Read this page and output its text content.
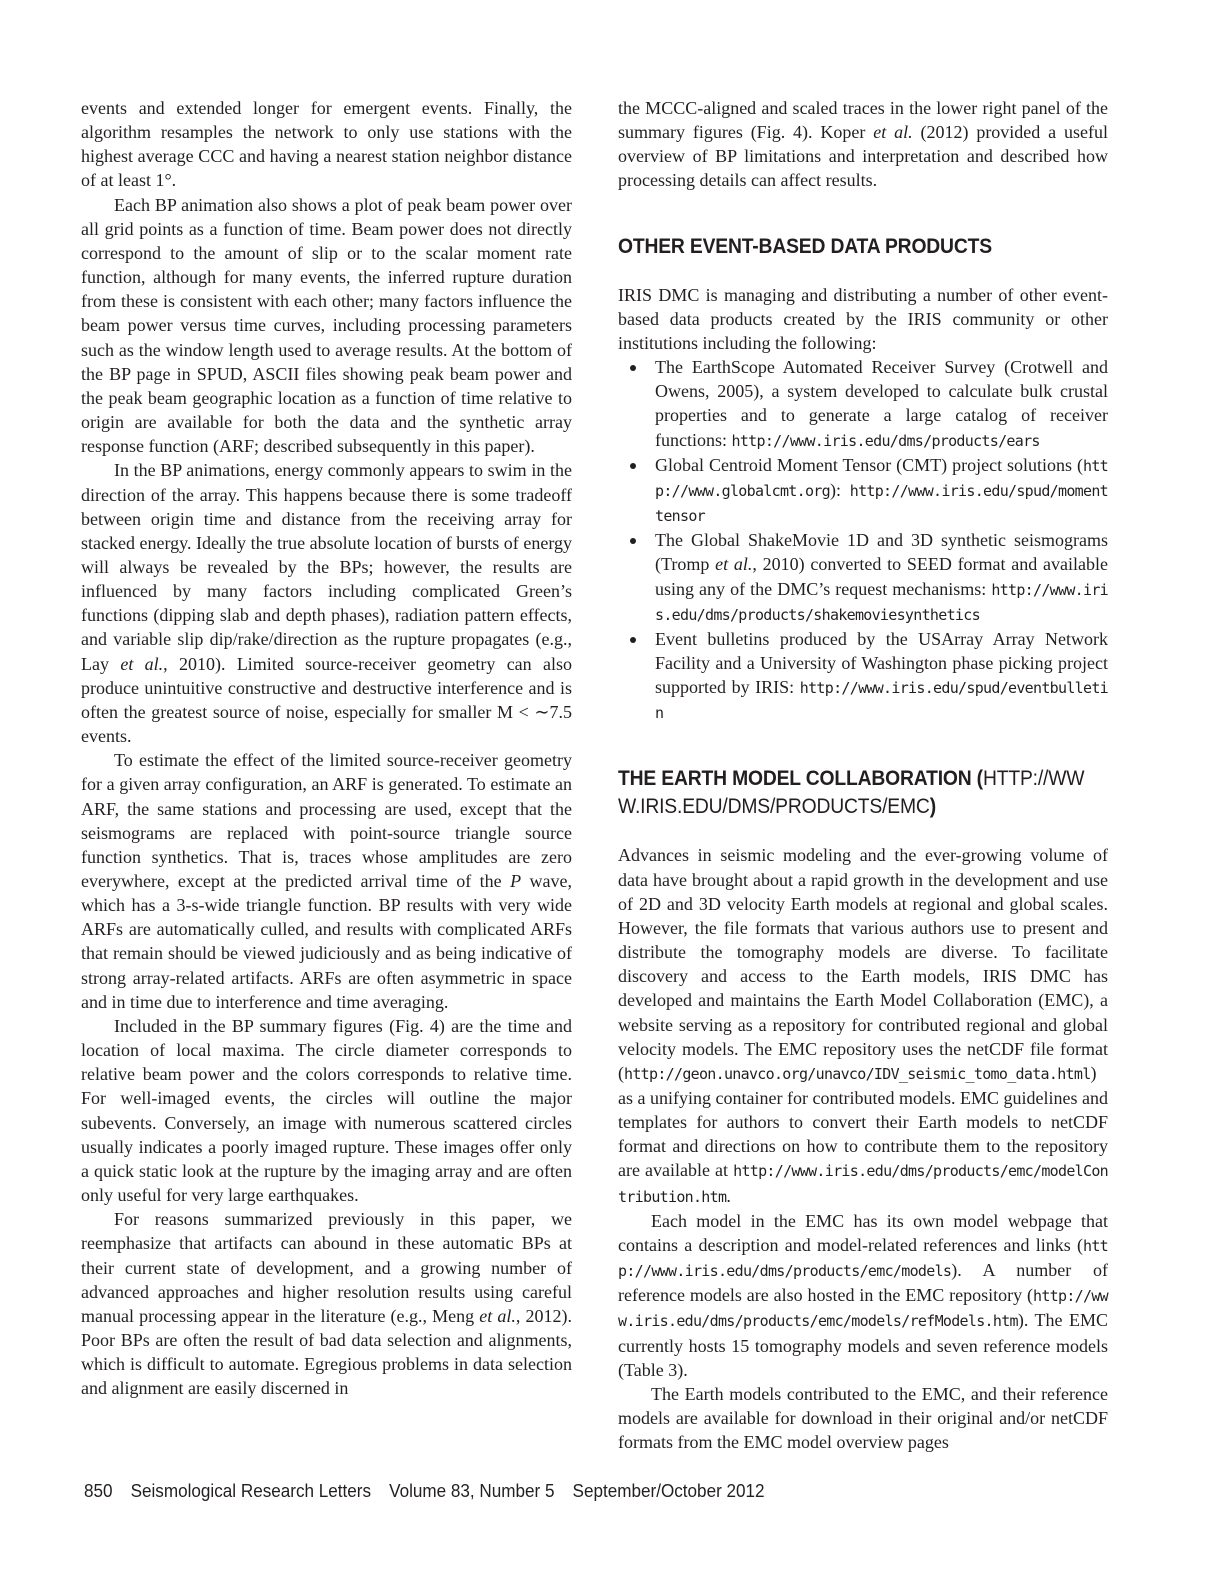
events and extended longer for emergent events. Finally, the algorithm resamples the network to only use stations with the highest average CCC and having a nearest station neighbor distance of at least 1°.

Each BP animation also shows a plot of peak beam power over all grid points as a function of time. Beam power does not directly correspond to the amount of slip or to the scalar moment rate function, although for many events, the inferred rupture duration from these is consistent with each other; many factors influence the beam power versus time curves, including processing parameters such as the window length used to average results. At the bottom of the BP page in SPUD, ASCII files showing peak beam power and the peak beam geographic location as a function of time relative to origin are available for both the data and the synthetic array response function (ARF; described subsequently in this paper).

In the BP animations, energy commonly appears to swim in the direction of the array. This happens because there is some tradeoff between origin time and distance from the receiving array for stacked energy. Ideally the true absolute location of bursts of energy will always be revealed by the BPs; however, the results are influenced by many factors including complicated Green’s functions (dipping slab and depth phases), radiation pattern effects, and variable slip dip/rake/direction as the rupture propagates (e.g., Lay et al., 2010). Limited source-receiver geometry can also produce unintuitive constructive and destructive interference and is often the greatest source of noise, especially for smaller M < ∼7.5 events.

To estimate the effect of the limited source-receiver geometry for a given array configuration, an ARF is generated. To estimate an ARF, the same stations and processing are used, except that the seismograms are replaced with point-source triangle source function synthetics. That is, traces whose amplitudes are zero everywhere, except at the predicted arrival time of the P wave, which has a 3-s-wide triangle function. BP results with very wide ARFs are automatically culled, and results with complicated ARFs that remain should be viewed judiciously and as being indicative of strong array-related artifacts. ARFs are often asymmetric in space and in time due to interference and time averaging.

Included in the BP summary figures (Fig. 4) are the time and location of local maxima. The circle diameter corresponds to relative beam power and the colors corresponds to relative time. For well-imaged events, the circles will outline the major subevents. Conversely, an image with numerous scattered circles usually indicates a poorly imaged rupture. These images offer only a quick static look at the rupture by the imaging array and are often only useful for very large earthquakes.

For reasons summarized previously in this paper, we reemphasize that artifacts can abound in these automatic BPs at their current state of development, and a growing number of advanced approaches and higher resolution results using careful manual processing appear in the literature (e.g., Meng et al., 2012). Poor BPs are often the result of bad data selection and alignments, which is difficult to automate. Egregious problems in data selection and alignment are easily discerned in

the MCCC-aligned and scaled traces in the lower right panel of the summary figures (Fig. 4). Koper et al. (2012) provided a useful overview of BP limitations and interpretation and described how processing details can affect results.

OTHER EVENT-BASED DATA PRODUCTS

IRIS DMC is managing and distributing a number of other event-based data products created by the IRIS community or other institutions including the following:

The EarthScope Automated Receiver Survey (Crotwell and Owens, 2005), a system developed to calculate bulk crustal properties and to generate a large catalog of receiver functions: http://www.iris.edu/dms/products/ears
Global Centroid Moment Tensor (CMT) project solutions (http://www.globalcmt.org): http://www.iris.edu/spud/momenttensor
The Global ShakeMovie 1D and 3D synthetic seismograms (Tromp et al., 2010) converted to SEED format and available using any of the DMC’s request mechanisms: http://www.iris.edu/dms/products/shakemoviesynthetics
Event bulletins produced by the USArray Array Network Facility and a University of Washington phase picking project supported by IRIS: http://www.iris.edu/spud/eventbulletin
THE EARTH MODEL COLLABORATION (HTTP://WWW.IRIS.EDU/DMS/PRODUCTS/EMC)

Advances in seismic modeling and the ever-growing volume of data have brought about a rapid growth in the development and use of 2D and 3D velocity Earth models at regional and global scales. However, the file formats that various authors use to present and distribute the tomography models are diverse. To facilitate discovery and access to the Earth models, IRIS DMC has developed and maintains the Earth Model Collaboration (EMC), a website serving as a repository for contributed regional and global velocity models. The EMC repository uses the netCDF file format (http://geon.unavco.org/unavco/IDV_seismic_tomo_data.html) as a unifying container for contributed models. EMC guidelines and templates for authors to convert their Earth models to netCDF format and directions on how to contribute them to the repository are available at http://www.iris.edu/dms/products/emc/modelContribution.htm.

Each model in the EMC has its own model webpage that contains a description and model-related references and links (http://www.iris.edu/dms/products/emc/models). A number of reference models are also hosted in the EMC repository (http://www.iris.edu/dms/products/emc/models/refModels.htm). The EMC currently hosts 15 tomography models and seven reference models (Table 3).

The Earth models contributed to the EMC, and their reference models are available for download in their original and/or netCDF formats from the EMC model overview pages

850 Seismological Research Letters Volume 83, Number 5 September/October 2012
